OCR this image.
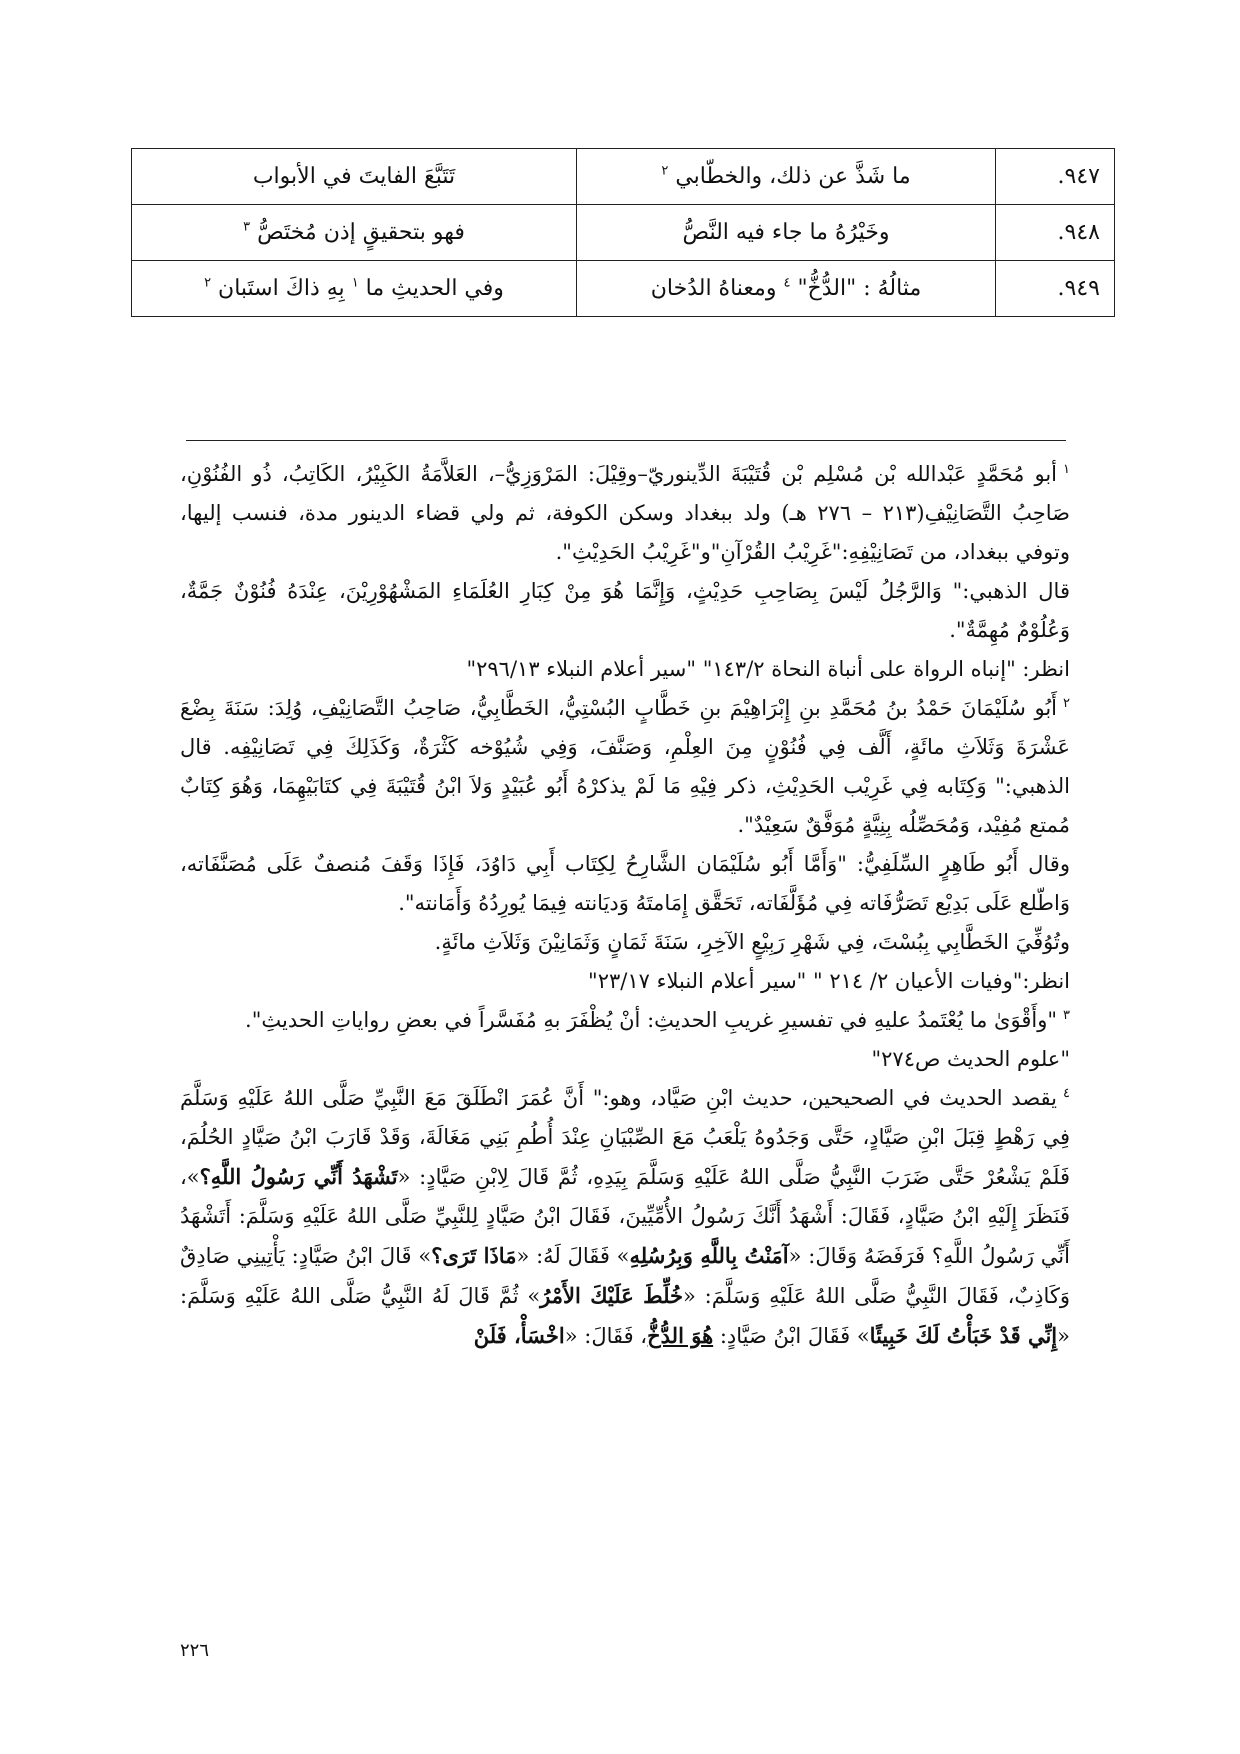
٩٤٧.	ما شَذَّ عن ذلك، والخطّابي $^٢$	تَتَبَّعَ الفايتَ في الأبواب
٩٤٨.	وخَيْرُهُ ما جاء فيه النَّصُّ	فهو بتحقيقٍ إذن مُختَصُّ $^٣$
٩٤٩.	مثالُهُ : "الدُّخُّ" $^٤$ ومعناهُ الدُخان	وفي الحديثِ ما $^١$ بِهِ ذاكَ استَبان $^٢$

$^١$أبو مُحَمَّدٍ عَبْدالله بْن مُسْلِم بْن قُتَيْبَةَ الدِّينوريّ–وقِيْلَ: المَرْوَزِيُّ–، العَلاَّمَةُ الكَبِيْرُ، الكَاتِبُ، ذُو الفُنُوْنِ، صَاحِبُ التَّصَانِيْفِ(٢١٣ – ٢٧٦ هـ) ولد ببغداد وسكن الكوفة، ثم ولي قضاء الدينور مدة، فنسب إليها، وتوفي ببغداد، من تَصَانِيْفِهِ:"غَرِيْبُ القُرْآنِ"و"غَرِيْبُ الحَدِيْثِ".

قال الذهبي:" وَالرَّجُلُ لَيْسَ بِصَاحِبِ حَدِيْثٍ، وَإِنَّمَا هُوَ مِنْ كِبَارِ العُلَمَاءِ المَشْهُوْرِيْنَ، عِنْدَهُ فُنُوْنٌ جَمَّةٌ، وَعُلُوْمٌ مُهِمَّةٌ".

انظر: "إنباه الرواة على أنباة النحاة ١٤٣/٢" "سير أعلام النبلاء ٢٩٦/١٣"

$^٢$أَبُو سُلَيْمَانَ حَمْدُ بنُ مُحَمَّدِ بنِ إِبْرَاهِيْمَ بنِ خَطَّابٍ البُسْتِيُّ، الخَطَّابِيُّ، صَاحِبُ التَّصَانِيْفِ، وُلِدَ: سَنَةَ بِضْعَ عَشْرَةَ وَثَلاَثِ مائَةٍ، أَلَّف فِي فُنُوْنٍ مِنَ العِلْمِ، وَصَنَّفَ، وَفِي شُيُوْخه كَثْرَةٌ، وَكَذَلِكَ فِي تَصَانِيْفِه. قال الذهبي:" وَكِتَابه فِي غَرِيْب الحَدِيْثِ، ذكر فِيْهِ مَا لَمْ يذكرْهُ أَبُو عُبَيْدٍ وَلاَ ابْنُ قُتَيْبَةَ فِي كتَابَيْهِمَا، وَهُوَ كِتَابٌ مُمتع مُفِيْد، وَمُحَصِّلُه بِنِيَّةٍ مُوَفَّقٌ سَعِيْدٌ".

وقال أَبُو طَاهِرٍ السِّلَفِيُّ: "وَأَمَّا أَبُو سُلَيْمَان الشَّارِحُ لِكِتَاب أَبِي دَاوُدَ، فَإِذَا وَقَفَ مُنصفٌ عَلَى مُصَنَّفَاته، وَاطّلع عَلَى بَدِيْع تَصَرُّفَاته فِي مُؤَلَّفَاته، تَحَقَّق إِمَامتَهُ وَديَانته فِيمَا يُورِدُهُ وَأَمَانته".

وتُوُفِّيَ الخَطَّابِي بِبُسْتَ، فِي شَهْرِ رَبِيْعٍ الآخِرِ، سَنَةَ ثَمَانٍ وَثَمَانِيْنَ وَثَلاَثِ مائَةٍ.

انظر:"وفيات الأعيان ٢/ ٢١٤ " "سير أعلام النبلاء ٢٣/١٧"

$^٣$"وأَقْوَىٰ ما يُعْتَمدُ عليهِ في تفسيرِ غريبِ الحديثِ: أنْ يُظْفَرَ بهِ مُفَسَّراً في بعضِ رواياتِ الحديثِ".

"علوم الحديث ص٢٧٤"

$^٤$يقصد الحديث في الصحيحين، حديث ابْنِ صَيَّاد، وهو:" أَنَّ عُمَرَ انْطَلَقَ مَعَ النَّبِيِّ صَلَّى اللهُ عَلَيْهِ وَسَلَّمَ فِي رَهْطٍ قِبَلَ ابْنِ صَيَّادٍ، حَتَّى وَجَدُوهُ يَلْعَبُ مَعَ الصِّبْيَانِ عِنْدَ أُطُمِ بَنِي مَغَالَةَ، وَقَدْ قَارَبَ ابْنُ صَيَّادٍ الحُلُمَ، فَلَمْ يَشْعُرْ حَتَّى ضَرَبَ النَّبِيُّ صَلَّى اللهُ عَلَيْهِ وَسَلَّمَ بِيَدِهِ، ثُمَّ قَالَ لِابْنِ صَيَّادٍ: «تَشْهَدُ أَنِّي رَسُولُ اللَّهِ؟»، فَنَظَرَ إِلَيْهِ ابْنُ صَيَّادٍ، فَقَالَ: أَشْهَدُ أَنَّكَ رَسُولُ الأُمِّيِّينَ، فَقَالَ ابْنُ صَيَّادٍ لِلنَّبِيِّ صَلَّى اللهُ عَلَيْهِ وَسَلَّمَ: أَتَشْهَدُ أَنِّي رَسُولُ اللَّهِ؟ فَرَفَضَهُ وَقَالَ: «آمَنْتُ بِاللَّهِ وَبِرُسُلِهِ» فَقَالَ لَهُ: «مَاذَا تَرَى؟» قَالَ ابْنُ صَيَّادٍ: يَأْتِينِي صَادِقٌ وَكَاذِبٌ، فَقَالَ النَّبِيُّ صَلَّى اللهُ عَلَيْهِ وَسَلَّمَ: «خُلِّطَ عَلَيْكَ الأَمْرُ» ثُمَّ قَالَ لَهُ النَّبِيُّ صَلَّى اللهُ عَلَيْهِ وَسَلَّمَ: «إِنِّي قَدْ خَبَأْتُ لَكَ خَبِيئًا» فَقَالَ ابْنُ صَيَّادٍ: هُوَ الدُّخُّ، فَقَالَ: «اخْسَأْ، فَلَنْ

٢٢٦
